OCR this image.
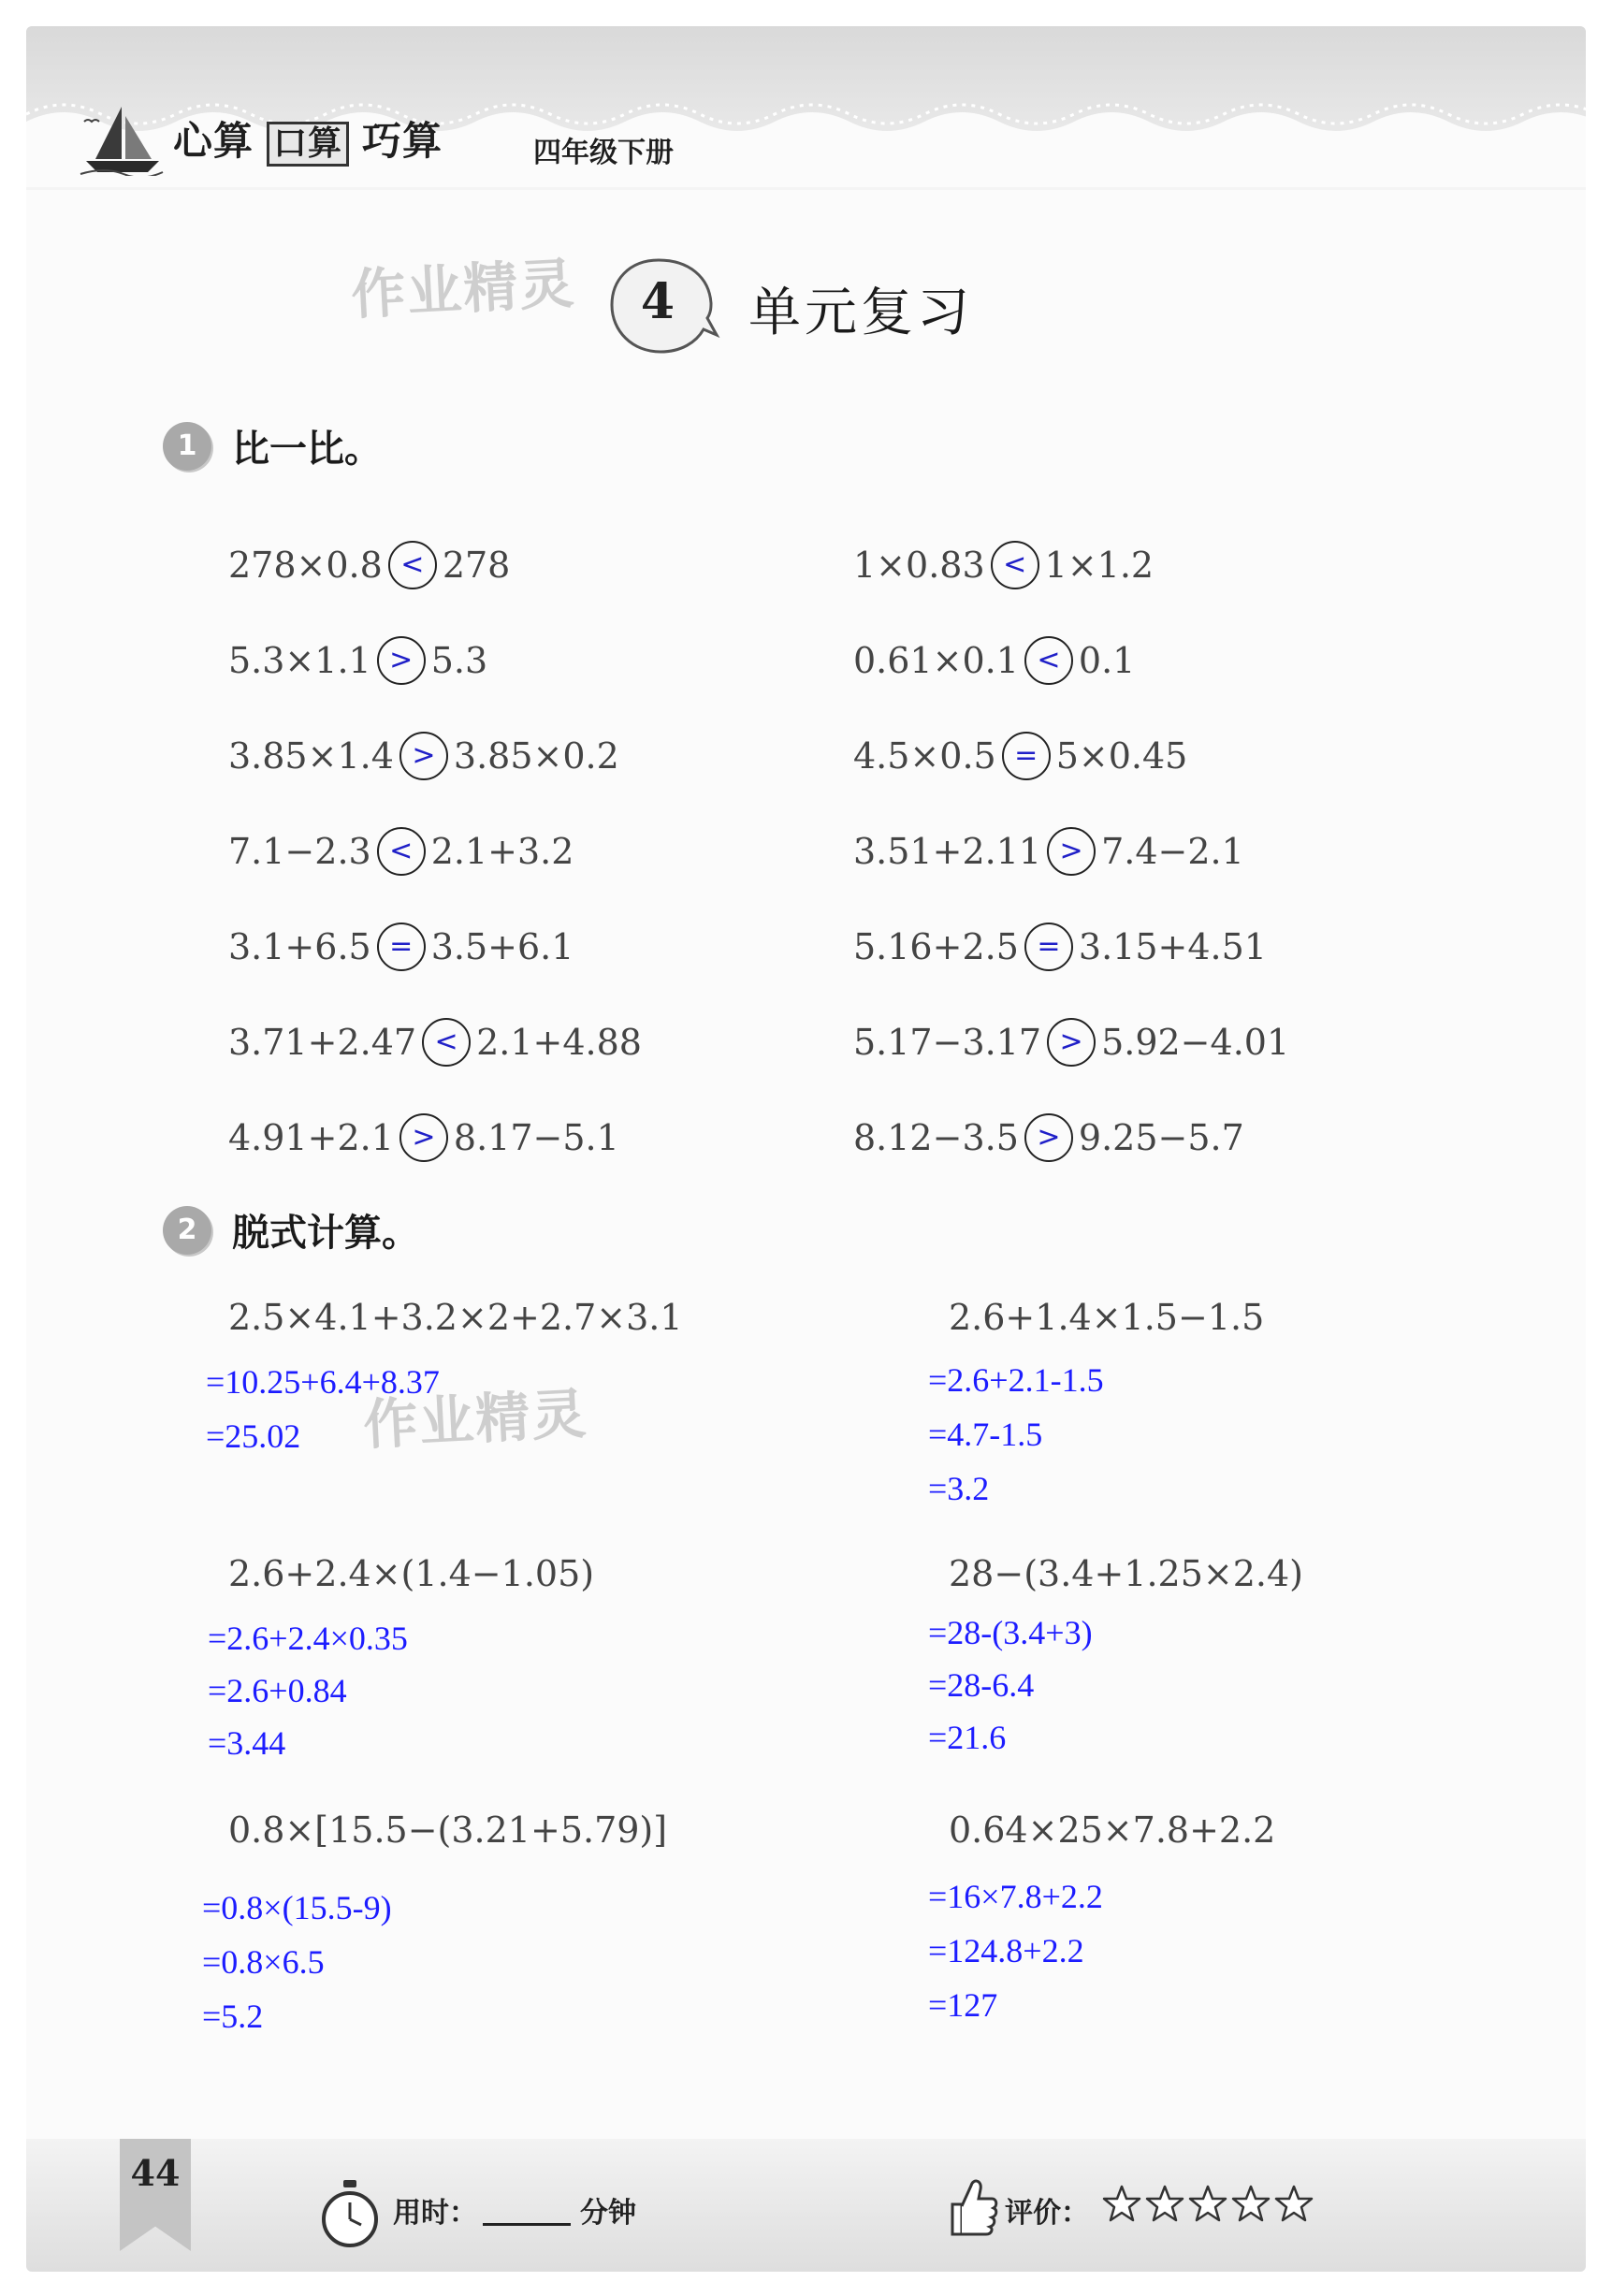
心算 口算 巧算	四年级下册
作业精灵	4	单元复习
1 比一比。
278×0.8 < 278	1×0.83 < 1×1.2
5.3×1.1 > 5.3	0.61×0.1 < 0.1
3.85×1.4 > 3.85×0.2	4.5×0.5 = 5×0.45
7.1−2.3 < 2.1+3.2	3.51+2.11 > 7.4−2.1
3.1+6.5 = 3.5+6.1	5.16+2.5 = 3.15+4.51
3.71+2.47 < 2.1+4.88	5.17−3.17 > 5.92−4.01
4.91+2.1 > 8.17−5.1	8.12−3.5 > 9.25−5.7
2 脱式计算。
作业精灵
2.5×4.1+3.2×2+2.7×3.1
=10.25+6.4+8.37
=25.02
2.6+1.4×1.5−1.5
=2.6+2.1-1.5
=4.7-1.5
=3.2
2.6+2.4×(1.4−1.05)
=2.6+2.4×0.35
=2.6+0.84
=3.44
28−(3.4+1.25×2.4)
=28-(3.4+3)
=28-6.4
=21.6
0.8×[15.5−(3.21+5.79)]
=0.8×(15.5-9)
=0.8×6.5
=5.2
0.64×25×7.8+2.2
=16×7.8+2.2
=124.8+2.2
=127
44
用时：	分钟	评价：
